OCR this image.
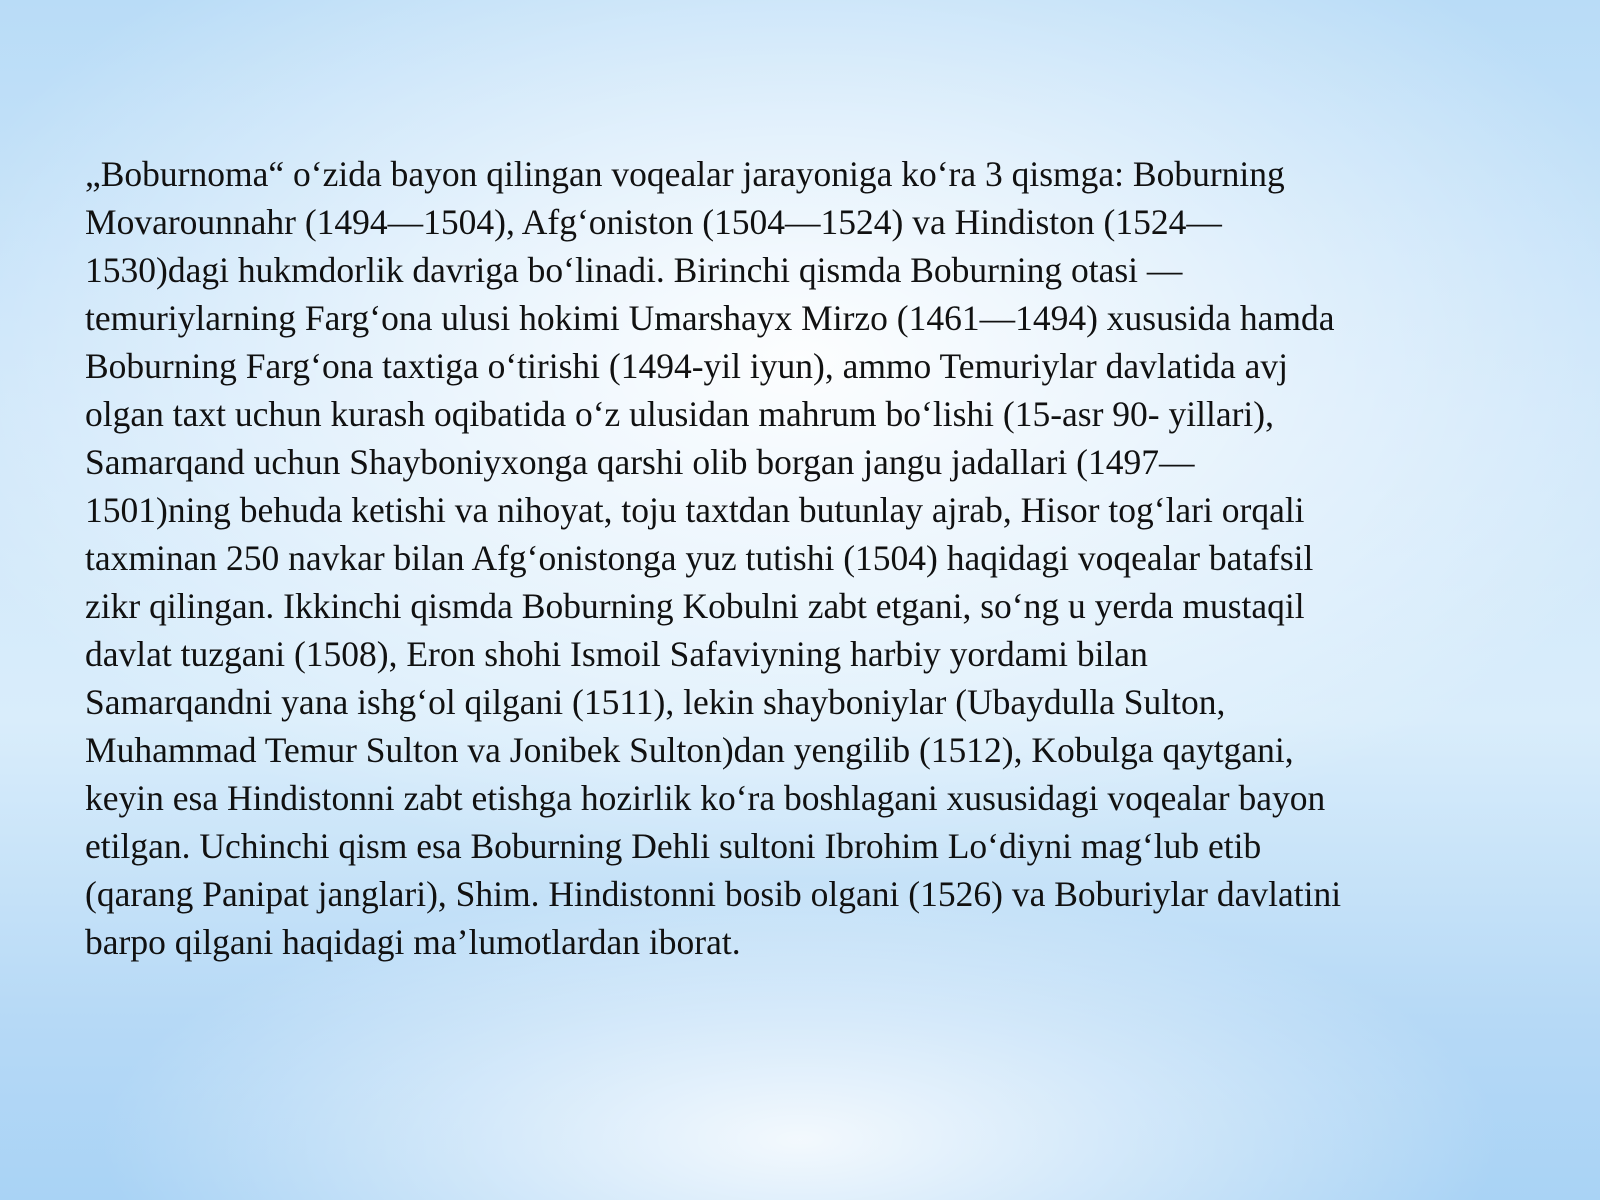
„Boburnoma“ o‘zida bayon qilingan voqealar jarayoniga ko‘ra 3 qismga: Boburning
Movarounnahr (1494—1504), Afg‘oniston (1504—1524) va Hindiston (1524—
1530)dagi hukmdorlik davriga bo‘linadi. Birinchi qismda Boburning otasi —
temuriylarning Farg‘ona ulusi hokimi Umarshayx Mirzo (1461—1494) xususida hamda
Boburning Farg‘ona taxtiga o‘tirishi (1494-yil iyun), ammo Temuriylar davlatida avj
olgan taxt uchun kurash oqibatida o‘z ulusidan mahrum bo‘lishi (15-asr 90- yillari),
Samarqand uchun Shayboniyxonga qarshi olib borgan jangu jadallari (1497—
1501)ning behuda ketishi va nihoyat, toju taxtdan butunlay ajrab, Hisor tog‘lari orqali
taxminan 250 navkar bilan Afg‘onistonga yuz tutishi (1504) haqidagi voqealar batafsil
zikr qilingan. Ikkinchi qismda Boburning Kobulni zabt etgani, so‘ng u yerda mustaqil
davlat tuzgani (1508), Eron shohi Ismoil Safaviyning harbiy yordami bilan
Samarqandni yana ishg‘ol qilgani (1511), lekin shayboniylar (Ubaydulla Sulton,
Muhammad Temur Sulton va Jonibek Sulton)dan yengilib (1512), Kobulga qaytgani,
keyin esa Hindistonni zabt etishga hozirlik ko‘ra boshlagani xususidagi voqealar bayon
etilgan. Uchinchi qism esa Boburning Dehli sultoni Ibrohim Lo‘diyni mag‘lub etib
(qarang Panipat janglari), Shim. Hindistonni bosib olgani (1526) va Boburiylar davlatini
barpo qilgani haqidagi ma’lumotlardan iborat.
